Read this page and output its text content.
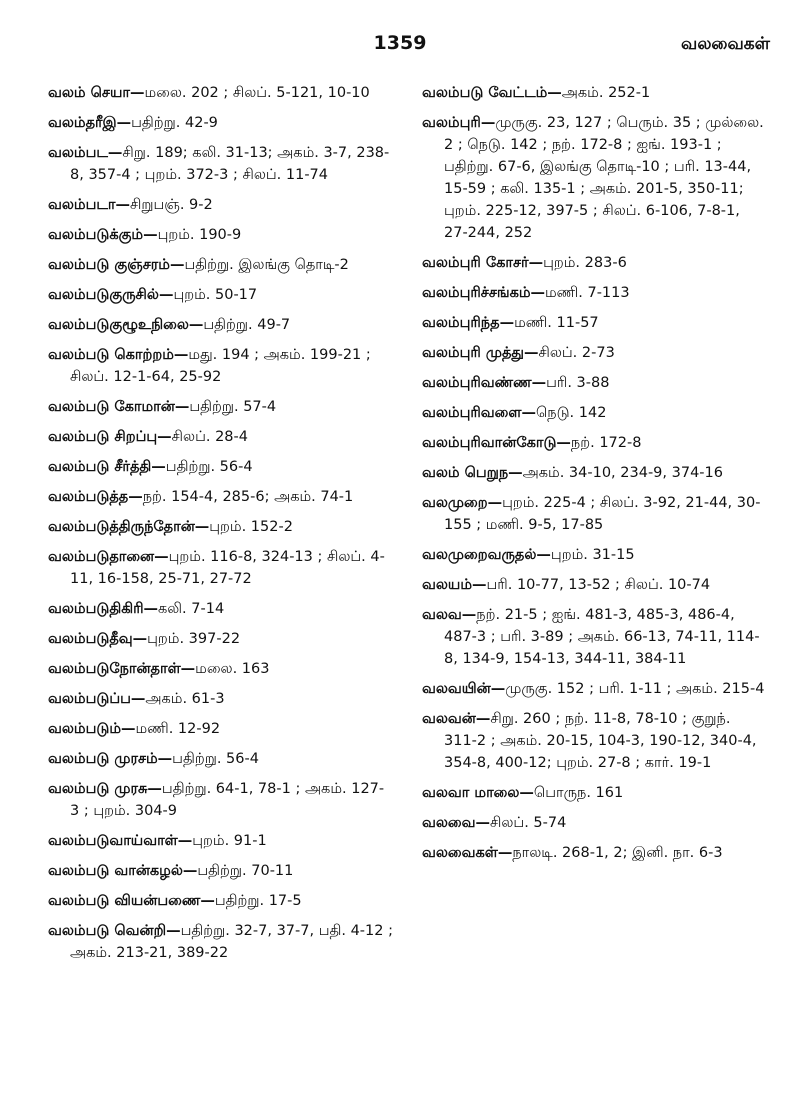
1359	வலவைகள்

வலம் செயா—மலை. 202 ; சிலப். 5-121, 10-10

வலம்தரீஇ—பதிற்று. 42-9

வலம்பட—சிறு. 189; கலி. 31-13; அகம். 3-7, 238-8, 357-4 ; புறம். 372-3 ; சிலப். 11-74

வலம்படா—சிறுபஞ். 9-2

வலம்படுக்கும்—புறம். 190-9

வலம்படு குஞ்சரம்—பதிற்று. இலங்கு தொடி-2

வலம்படுகுருசில்—புறம். 50-17

வலம்படுகுழூஉநிலை—பதிற்று. 49-7

வலம்படு கொற்றம்—மது. 194 ; அகம். 199-21 ; சிலப். 12-1-64, 25-92

வலம்படு கோமான்—பதிற்று. 57-4

வலம்படு சிறப்பு—சிலப். 28-4

வலம்படு சீர்த்தி—பதிற்று. 56-4

வலம்படுத்த—நற். 154-4, 285-6; அகம். 74-1

வலம்படுத்திருந்தோன்—புறம். 152-2

வலம்படுதானை—புறம். 116-8, 324-13 ; சிலப். 4-11, 16-158, 25-71, 27-72

வலம்படுதிகிரி—கலி. 7-14

வலம்படுதீவு—புறம். 397-22

வலம்படுநோன்தாள்—மலை. 163

வலம்படுப்ப—அகம். 61-3

வலம்படும்—மணி. 12-92

வலம்படு முரசம்—பதிற்று. 56-4

வலம்படு முரசு—பதிற்று. 64-1, 78-1 ; அகம். 127-3 ; புறம். 304-9

வலம்படுவாய்வாள்—புறம். 91-1

வலம்படு வான்கழல்—பதிற்று. 70-11

வலம்படு வியன்பணை—பதிற்று. 17-5

வலம்படு வென்றி—பதிற்று. 32-7, 37-7, பதி. 4-12 ; அகம். 213-21, 389-22

வலம்படு வேட்டம்—அகம். 252-1

வலம்புரி—முருகு. 23, 127 ; பெரும். 35 ; முல்லை. 2 ; நெடு. 142 ; நற். 172-8 ; ஐங். 193-1 ; பதிற்று. 67-6, இலங்கு தொடி-10 ; பரி. 13-44, 15-59 ; கலி. 135-1 ; அகம். 201-5, 350-11; புறம். 225-12, 397-5 ; சிலப். 6-106, 7-8-1, 27-244, 252

வலம்புரி கோசர்—புறம். 283-6

வலம்புரிச்சங்கம்—மணி. 7-113

வலம்புரிந்த—மணி. 11-57

வலம்புரி முத்து—சிலப். 2-73

வலம்புரிவண்ண—பரி. 3-88

வலம்புரிவளை—நெடு. 142

வலம்புரிவான்கோடு—நற். 172-8

வலம் பெறுந—அகம். 34-10, 234-9, 374-16

வலமுறை—புறம். 225-4 ; சிலப். 3-92, 21-44, 30-155 ; மணி. 9-5, 17-85

வலமுறைவருதல்—புறம். 31-15

வலயம்—பரி. 10-77, 13-52 ; சிலப். 10-74

வலவ—நற். 21-5 ; ஐங். 481-3, 485-3, 486-4, 487-3 ; பரி. 3-89 ; அகம். 66-13, 74-11, 114-8, 134-9, 154-13, 344-11, 384-11

வலவயின்—முருகு. 152 ; பரி. 1-11 ; அகம். 215-4

வலவன்—சிறு. 260 ; நற். 11-8, 78-10 ; குறுந். 311-2 ; அகம். 20-15, 104-3, 190-12, 340-4, 354-8, 400-12; புறம். 27-8 ; கார். 19-1

வலவா மாலை—பொருந. 161

வலவை—சிலப். 5-74

வலவைகள்—நாலடி. 268-1, 2; இனி. நா. 6-3
